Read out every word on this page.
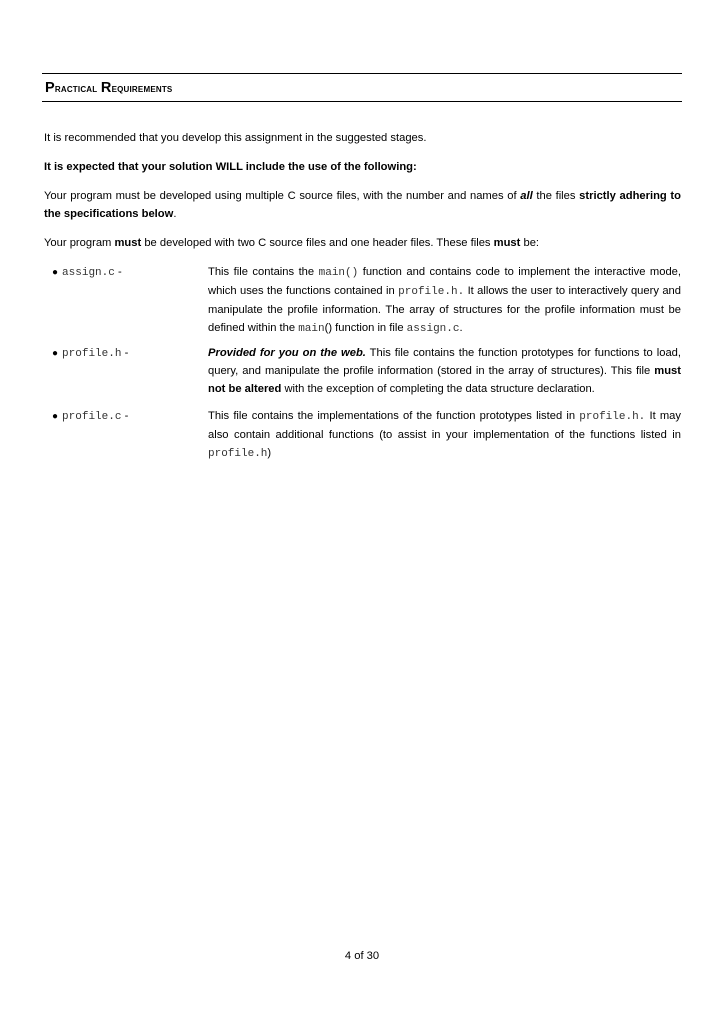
Practical Requirements

It is recommended that you develop this assignment in the suggested stages.

It is expected that your solution WILL include the use of the following:

Your program must be developed using multiple C source files, with the number and names of all the files strictly adhering to the specifications below.

Your program must be developed with two C source files and one header files. These files must be:

● assign.c -	This file contains the main() function and contains code to implement the interactive mode, which uses the functions contained in profile.h. It allows the user to interactively query and manipulate the profile information. The array of structures for the profile information must be defined within the main() function in file assign.c.

● profile.h -	Provided for you on the web. This file contains the function prototypes for functions to load, query, and manipulate the profile information (stored in the array of structures). This file must not be altered with the exception of completing the data structure declaration.

● profile.c -	This file contains the implementations of the function prototypes listed in profile.h. It may also contain additional functions (to assist in your implementation of the functions listed in profile.h)

4 of 30
